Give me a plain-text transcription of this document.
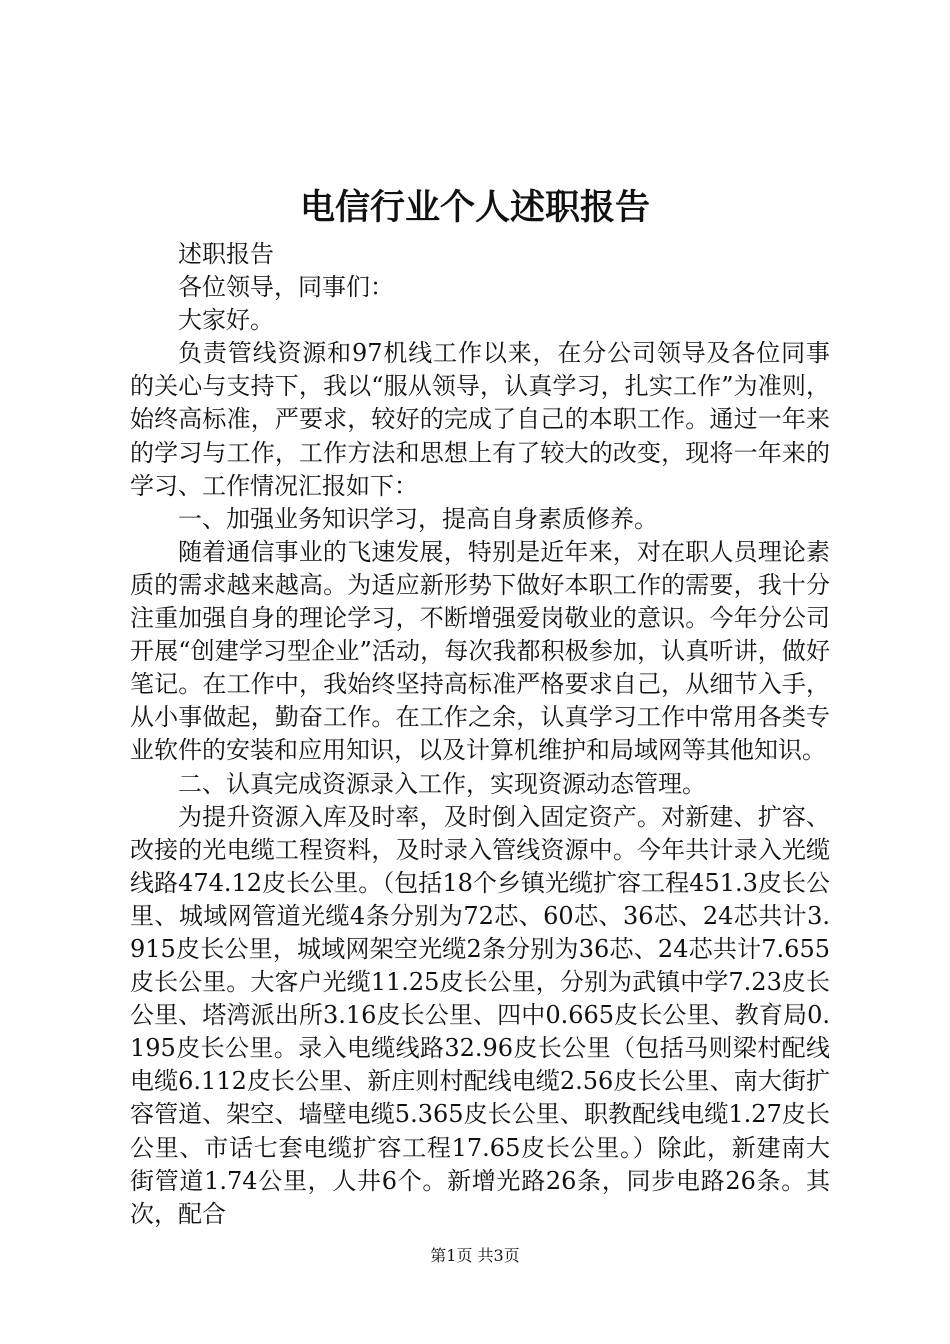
电信行业个人述职报告

述职报告

各位领导，同事们：

大家好。

负责管线资源和97机线工作以来，在分公司领导及各位同事的关心与支持下，我以“服从领导，认真学习，扎实工作”为准则，始终高标准，严要求，较好的完成了自己的本职工作。通过一年来的学习与工作，工作方法和思想上有了较大的改变，现将一年来的学习、工作情况汇报如下：

一、加强业务知识学习，提高自身素质修养。

随着通信事业的飞速发展，特别是近年来，对在职人员理论素质的需求越来越高。为适应新形势下做好本职工作的需要，我十分注重加强自身的理论学习，不断增强爱岗敬业的意识。今年分公司开展“创建学习型企业”活动，每次我都积极参加，认真听讲，做好笔记。在工作中，我始终坚持高标准严格要求自己，从细节入手，从小事做起，勤奋工作。在工作之余，认真学习工作中常用各类专业软件的安装和应用知识，以及计算机维护和局域网等其他知识。

二、认真完成资源录入工作，实现资源动态管理。

为提升资源入库及时率，及时倒入固定资产。对新建、扩容、改接的光电缆工程资料，及时录入管线资源中。今年共计录入光缆线路474.12皮长公里。（包括18个乡镇光缆扩容工程451.3皮长公里、城域网管道光缆4条分别为72芯、60芯、36芯、24芯共计3.915皮长公里，城域网架空光缆2条分别为36芯、24芯共计7.655皮长公里。大客户光缆11.25皮长公里，分别为武镇中学7.23皮长公里、塔湾派出所3.16皮长公里、四中0.665皮长公里、教育局0.195皮长公里。录入电缆线路32.96皮长公里（包括马则梁村配线电缆6.112皮长公里、新庄则村配线电缆2.56皮长公里、南大街扩容管道、架空、墙壁电缆5.365皮长公里、职教配线电缆1.27皮长公里、市话七套电缆扩容工程17.65皮长公里。）除此，新建南大街管道1.74公里，人井6个。新增光路26条，同步电路26条。其次，配合

第1页 共3页
